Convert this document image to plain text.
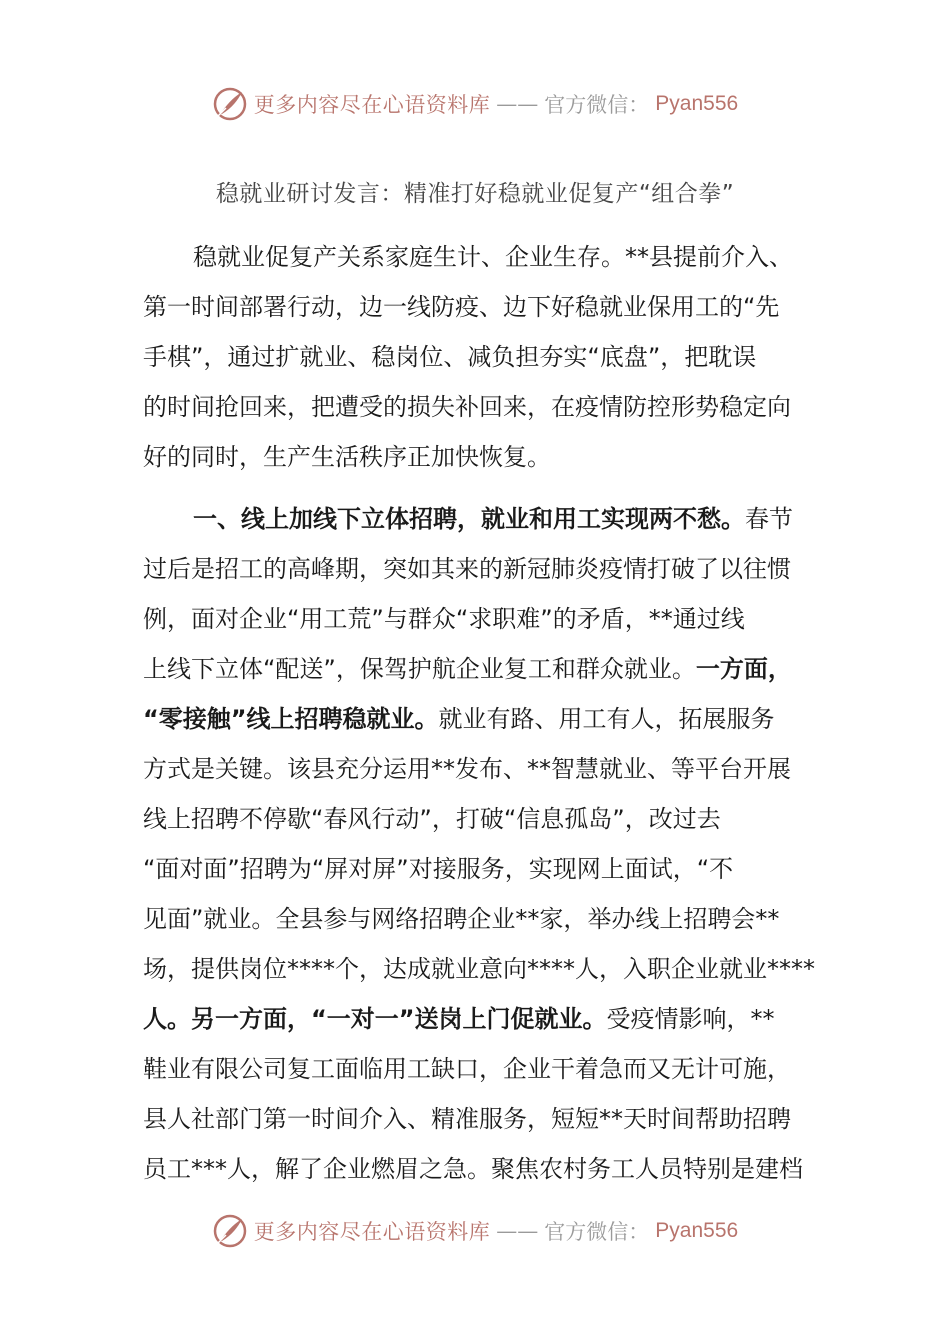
更多内容尽在心语资料库 —— 官方微信： Pyan556
稳就业研讨发言：精准打好稳就业促复产“组合拳”
稳就业促复产关系家庭生计、企业生存。**县提前介入、
第一时间部署行动，边一线防疫、边下好稳就业保用工的“先
手棋”，通过扩就业、稳岗位、减负担夯实“底盘”，把耽误
的时间抢回来，把遭受的损失补回来，在疫情防控形势稳定向
好的同时，生产生活秩序正加快恢复。
一、线上加线下立体招聘，就业和用工实现两不愁。春节
过后是招工的高峰期，突如其来的新冠肺炎疫情打破了以往惯
例，面对企业“用工荒”与群众“求职难”的矛盾，**通过线
上线下立体“配送”，保驾护航企业复工和群众就业。一方面，
“零接触”线上招聘稳就业。就业有路、用工有人，拓展服务
方式是关键。该县充分运用**发布、**智慧就业、等平台开展
线上招聘不停歇“春风行动”，打破“信息孤岛”，改过去
“面对面”招聘为“屏对屏”对接服务，实现网上面试，“不
见面”就业。全县参与网络招聘企业**家，举办线上招聘会**
场，提供岗位****个，达成就业意向****人，入职企业就业****
人。另一方面，“一对一”送岗上门促就业。受疫情影响，**
鞋业有限公司复工面临用工缺口，企业干着急而又无计可施，
县人社部门第一时间介入、精准服务，短短**天时间帮助招聘
员工***人，解了企业燃眉之急。聚焦农村务工人员特别是建档
更多内容尽在心语资料库 —— 官方微信： Pyan556
